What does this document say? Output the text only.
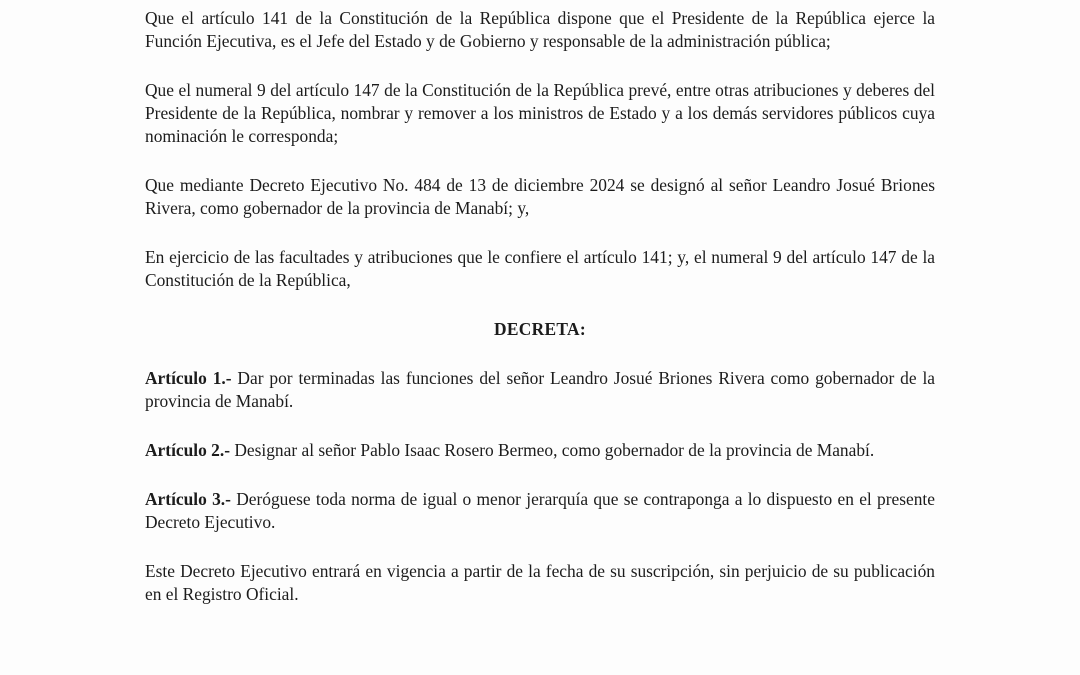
Que el artículo 141 de la Constitución de la República dispone que el Presidente de la República ejerce la Función Ejecutiva, es el Jefe del Estado y de Gobierno y responsable de la administración pública;

Que el numeral 9 del artículo 147 de la Constitución de la República prevé, entre otras atribuciones y deberes del Presidente de la República, nombrar y remover a los ministros de Estado y a los demás servidores públicos cuya nominación le corresponda;

Que mediante Decreto Ejecutivo No. 484 de 13 de diciembre 2024 se designó al señor Leandro Josué Briones Rivera, como gobernador de la provincia de Manabí; y,

En ejercicio de las facultades y atribuciones que le confiere el artículo 141; y, el numeral 9 del artículo 147 de la Constitución de la República,

DECRETA:

Artículo 1.- Dar por terminadas las funciones del señor Leandro Josué Briones Rivera como gobernador de la provincia de Manabí.

Artículo 2.- Designar al señor Pablo Isaac Rosero Bermeo, como gobernador de la provincia de Manabí.

Artículo 3.- Deróguese toda norma de igual o menor jerarquía que se contraponga a lo dispuesto en el presente Decreto Ejecutivo.

Este Decreto Ejecutivo entrará en vigencia a partir de la fecha de su suscripción, sin perjuicio de su publicación en el Registro Oficial.
